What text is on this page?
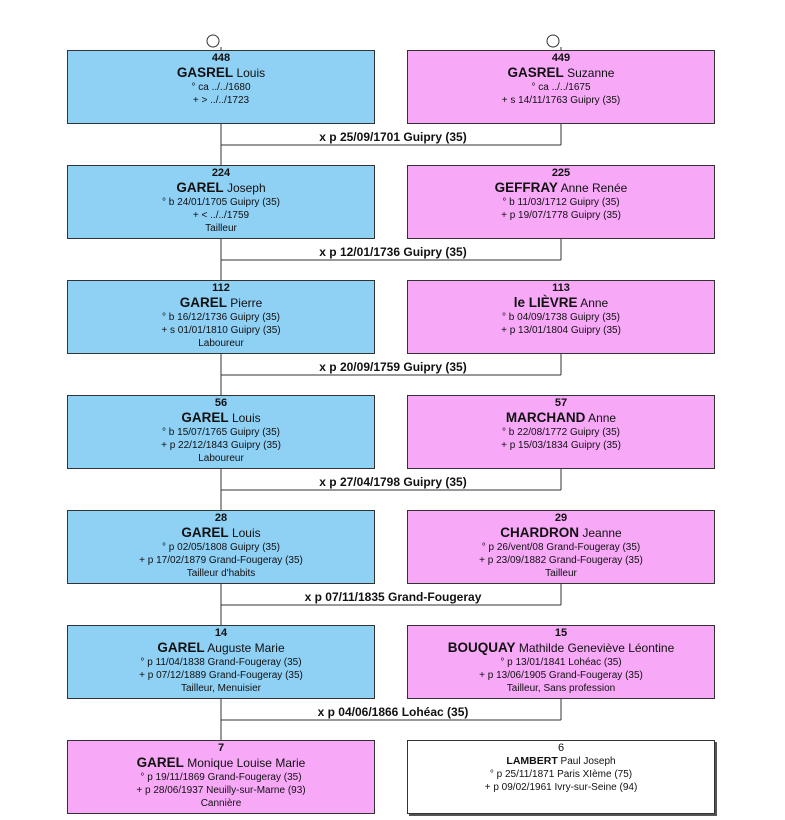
448
GASREL Louis
° ca ../../1680
+ > ../../1723
449
GASREL Suzanne
° ca ../../1675
+ s 14/11/1763 Guipry (35)
x p 25/09/1701 Guipry (35)
224
GAREL Joseph
° b 24/01/1705 Guipry (35)
+ < ../../1759
Tailleur
225
GEFFRAY Anne Renée
° b 11/03/1712 Guipry (35)
+ p 19/07/1778 Guipry (35)
x p 12/01/1736 Guipry (35)
112
GAREL Pierre
° b 16/12/1736 Guipry (35)
+ s 01/01/1810 Guipry (35)
Laboureur
113
le LIÈVRE Anne
° b 04/09/1738 Guipry (35)
+ p 13/01/1804 Guipry (35)
x p 20/09/1759 Guipry (35)
56
GAREL Louis
° b 15/07/1765 Guipry (35)
+ p 22/12/1843 Guipry (35)
Laboureur
57
MARCHAND Anne
° b 22/08/1772 Guipry (35)
+ p 15/03/1834 Guipry (35)
x p 27/04/1798 Guipry (35)
28
GAREL Louis
° p 02/05/1808 Guipry (35)
+ p 17/02/1879 Grand-Fougeray (35)
Tailleur d'habits
29
CHARDRON Jeanne
° p 26/vent/08 Grand-Fougeray (35)
+ p 23/09/1882 Grand-Fougeray (35)
Tailleur
x p 07/11/1835 Grand-Fougeray
14
GAREL Auguste Marie
° p 11/04/1838 Grand-Fougeray (35)
+ p 07/12/1889 Grand-Fougeray (35)
Tailleur, Menuisier
15
BOUQUAY Mathilde Geneviève Léontine
° p 13/01/1841 Lohéac (35)
+ p 13/06/1905 Grand-Fougeray (35)
Tailleur, Sans profession
x p 04/06/1866 Lohéac (35)
7
GAREL Monique Louise Marie
° p 19/11/1869 Grand-Fougeray (35)
+ p 28/06/1937 Neuilly-sur-Marne (93)
Cannière
6
LAMBERT Paul Joseph
° p 25/11/1871 Paris XIème (75)
+ p 09/02/1961 Ivry-sur-Seine (94)
